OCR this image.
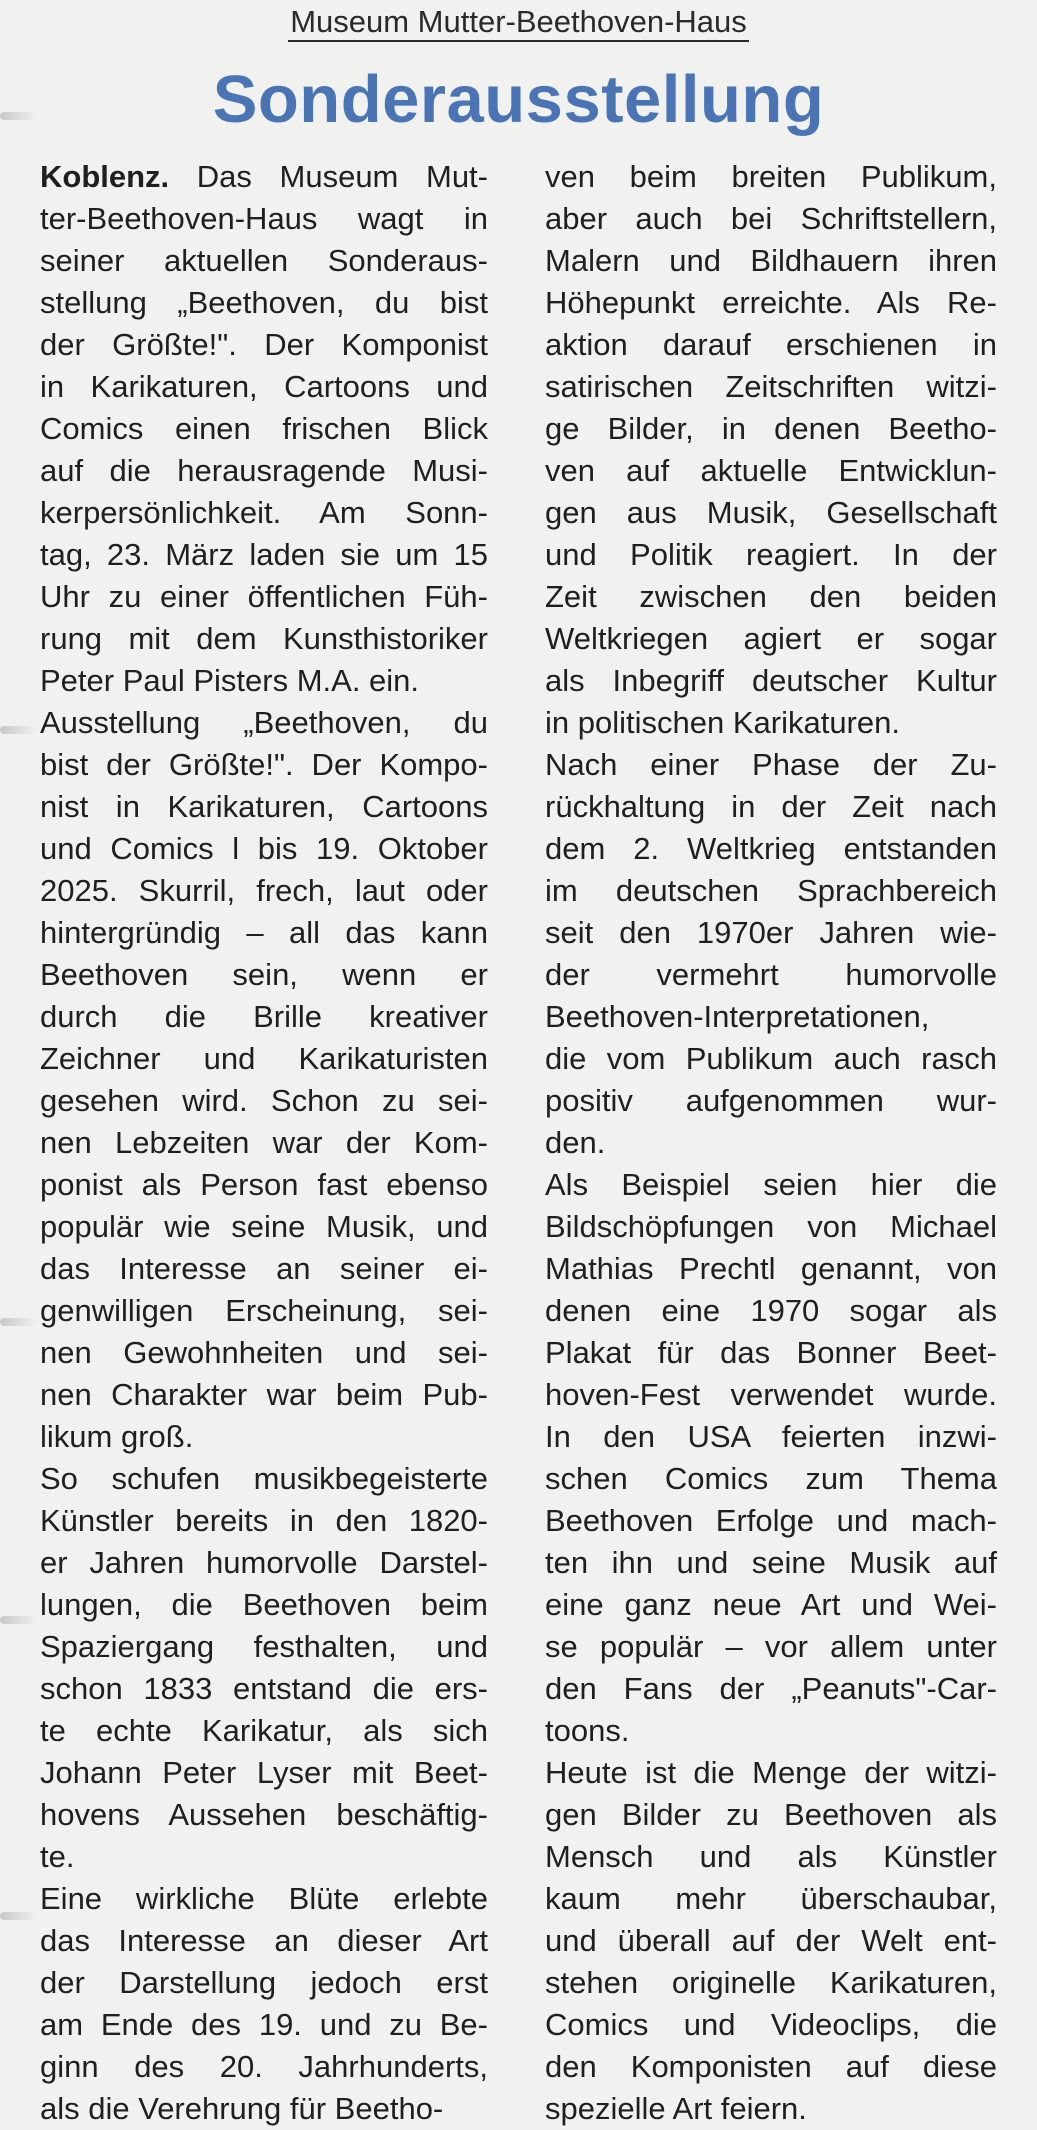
Museum Mutter-Beethoven-Haus
Sonderausstellung
Koblenz. Das Museum Mut-
ter-Beethoven-Haus wagt in
seiner aktuellen Sonderaus-
stellung „Beethoven, du bist
der Größte!". Der Komponist
in Karikaturen, Cartoons und
Comics einen frischen Blick
auf die herausragende Musi-
kerpersönlichkeit. Am Sonn-
tag, 23. März laden sie um 15
Uhr zu einer öffentlichen Füh-
rung mit dem Kunsthistoriker
Peter Paul Pisters M.A. ein.
Ausstellung „Beethoven, du
bist der Größte!". Der Kompo-
nist in Karikaturen, Cartoons
und Comics l bis 19. Oktober
2025. Skurril, frech, laut oder
hintergründig – all das kann
Beethoven sein, wenn er
durch die Brille kreativer
Zeichner und Karikaturisten
gesehen wird. Schon zu sei-
nen Lebzeiten war der Kom-
ponist als Person fast ebenso
populär wie seine Musik, und
das Interesse an seiner ei-
genwilligen Erscheinung, sei-
nen Gewohnheiten und sei-
nen Charakter war beim Pub-
likum groß.
So schufen musikbegeisterte
Künstler bereits in den 1820-
er Jahren humorvolle Darstel-
lungen, die Beethoven beim
Spaziergang festhalten, und
schon 1833 entstand die ers-
te echte Karikatur, als sich
Johann Peter Lyser mit Beet-
hovens Aussehen beschäftig-
te.
Eine wirkliche Blüte erlebte
das Interesse an dieser Art
der Darstellung jedoch erst
am Ende des 19. und zu Be-
ginn des 20. Jahrhunderts,
als die Verehrung für Beetho-
ven beim breiten Publikum,
aber auch bei Schriftstellern,
Malern und Bildhauern ihren
Höhepunkt erreichte. Als Re-
aktion darauf erschienen in
satirischen Zeitschriften witzi-
ge Bilder, in denen Beetho-
ven auf aktuelle Entwicklun-
gen aus Musik, Gesellschaft
und Politik reagiert. In der
Zeit zwischen den beiden
Weltkriegen agiert er sogar
als Inbegriff deutscher Kultur
in politischen Karikaturen.
Nach einer Phase der Zu-
rückhaltung in der Zeit nach
dem 2. Weltkrieg entstanden
im deutschen Sprachbereich
seit den 1970er Jahren wie-
der vermehrt humorvolle
Beethoven-Interpretationen,
die vom Publikum auch rasch
positiv aufgenommen wur-
den.
Als Beispiel seien hier die
Bildschöpfungen von Michael
Mathias Prechtl genannt, von
denen eine 1970 sogar als
Plakat für das Bonner Beet-
hoven-Fest verwendet wurde.
In den USA feierten inzwi-
schen Comics zum Thema
Beethoven Erfolge und mach-
ten ihn und seine Musik auf
eine ganz neue Art und Wei-
se populär – vor allem unter
den Fans der „Peanuts"-Car-
toons.
Heute ist die Menge der witzi-
gen Bilder zu Beethoven als
Mensch und als Künstler
kaum mehr überschaubar,
und überall auf der Welt ent-
stehen originelle Karikaturen,
Comics und Videoclips, die
den Komponisten auf diese
spezielle Art feiern.
